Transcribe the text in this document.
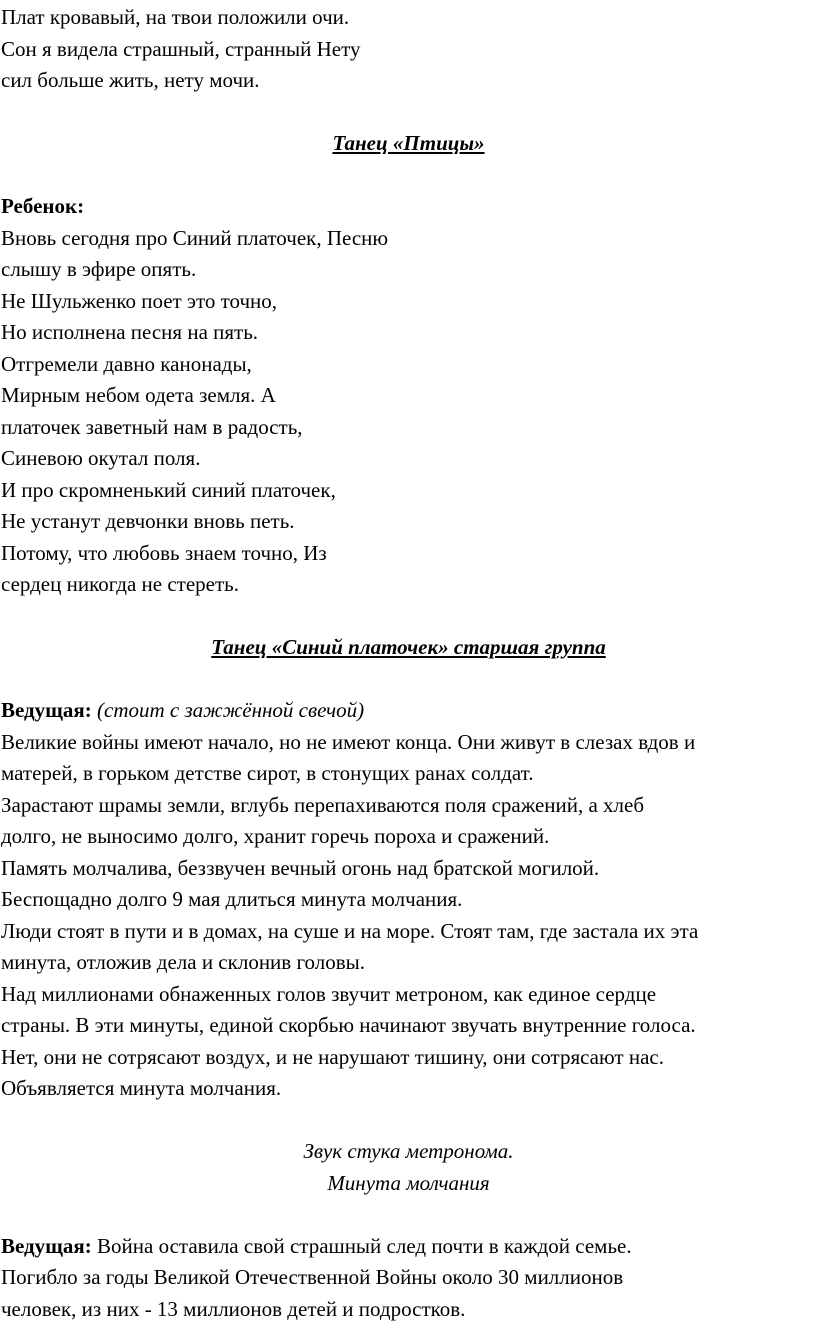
Плат кровавый, на твои положили очи.
Сон я видела страшный, странный Нету
сил больше жить, нету мочи.
Танец «Птицы»
Ребенок:
Вновь сегодня про Синий платочек, Песню
слышу в эфире опять.
Не Шульженко поет это точно,
Но исполнена песня на пять.
Отгремели давно канонады,
Мирным небом одета земля. А
платочек заветный нам в радость,
Синевою окутал поля.
И про скромненький синий платочек,
Не устанут девчонки вновь петь.
Потому, что любовь знаем точно, Из
сердец никогда не стереть.
Танец «Синий платочек» старшая группа
Ведущая: (стоит с зажжённой свечой)
Великие войны имеют начало, но не имеют конца. Они живут в слезах вдов и
матерей, в горьком детстве сирот, в стонущих ранах солдат.
Зарастают шрамы земли, вглубь перепахиваются поля сражений, а хлеб
долго, не выносимо долго, хранит горечь пороха и сражений.
Память молчалива, беззвучен вечный огонь над братской могилой.
Беспощадно долго 9 мая длиться минута молчания.
Люди стоят в пути и в домах, на суше и на море. Стоят там, где застала их эта
минута, отложив дела и склонив головы.
Над миллионами обнаженных голов звучит метроном, как единое сердце
страны. В эти минуты, единой скорбью начинают звучать внутренние голоса.
Нет, они не сотрясают воздух, и не нарушают тишину, они сотрясают нас.
Объявляется минута молчания.
Звук стука метронома.
Минута молчания
Ведущая: Война оставила свой страшный след почти в каждой семье.
Погибло за годы Великой Отечественной Войны около 30 миллионов
человек, из них - 13 миллионов детей и подростков.
